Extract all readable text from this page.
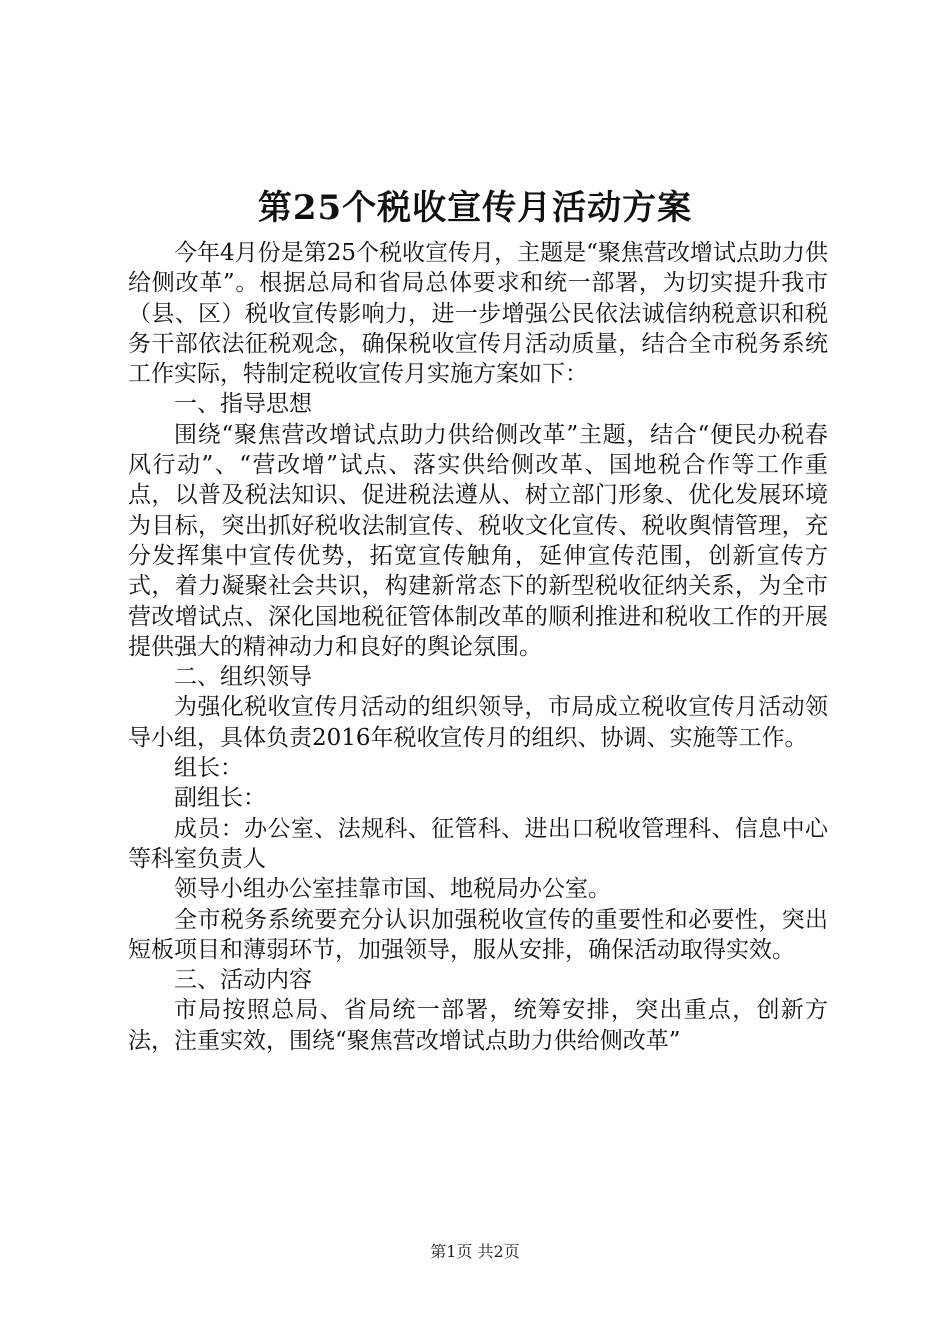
第25个税收宣传月活动方案

今年4月份是第25个税收宣传月，主题是“聚焦营改增试点助力供给侧改革”。根据总局和省局总体要求和统一部署，为切实提升我市（县、区）税收宣传影响力，进一步增强公民依法诚信纳税意识和税务干部依法征税观念，确保税收宣传月活动质量，结合全市税务系统工作实际，特制定税收宣传月实施方案如下：

一、指导思想

围绕“聚焦营改增试点助力供给侧改革”主题，结合“便民办税春风行动”、“营改增”试点、落实供给侧改革、国地税合作等工作重点，以普及税法知识、促进税法遵从、树立部门形象、优化发展环境为目标，突出抓好税收法制宣传、税收文化宣传、税收舆情管理，充分发挥集中宣传优势，拓宽宣传触角，延伸宣传范围，创新宣传方式，着力凝聚社会共识，构建新常态下的新型税收征纳关系，为全市营改增试点、深化国地税征管体制改革的顺利推进和税收工作的开展提供强大的精神动力和良好的舆论氛围。

二、组织领导

为强化税收宣传月活动的组织领导，市局成立税收宣传月活动领导小组，具体负责2016年税收宣传月的组织、协调、实施等工作。

组长：

副组长：

成员：办公室、法规科、征管科、进出口税收管理科、信息中心等科室负责人

领导小组办公室挂靠市国、地税局办公室。

全市税务系统要充分认识加强税收宣传的重要性和必要性，突出短板项目和薄弱环节，加强领导，服从安排，确保活动取得实效。

三、活动内容

市局按照总局、省局统一部署，统筹安排，突出重点，创新方法，注重实效，围绕“聚焦营改增试点助力供给侧改革”

第1页 共2页
